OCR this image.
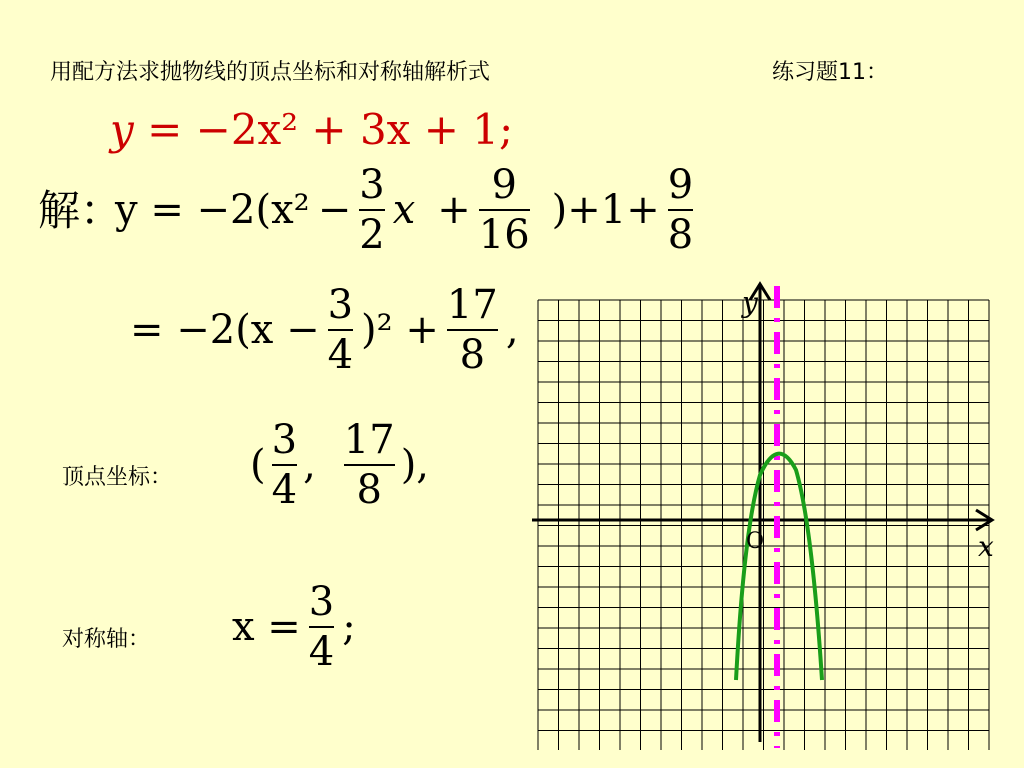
用配方法求抛物线的顶点坐标和对称轴解析式	练习题11：
y = −2x² + 3x + 1;
解：
$y = -2(x^2 - \frac{3}{2}$ $x + \frac{9}{16} )+1+ \frac{9}{8}$
= $-2(x - \frac{3}{4} )^2 + \frac{17}{8}$ ,
顶点坐标： ( $\frac{3}{4}$ , $\frac{17}{8}$ ),
对称轴： $x = \frac{3}{4}$ ;
y
x
O
